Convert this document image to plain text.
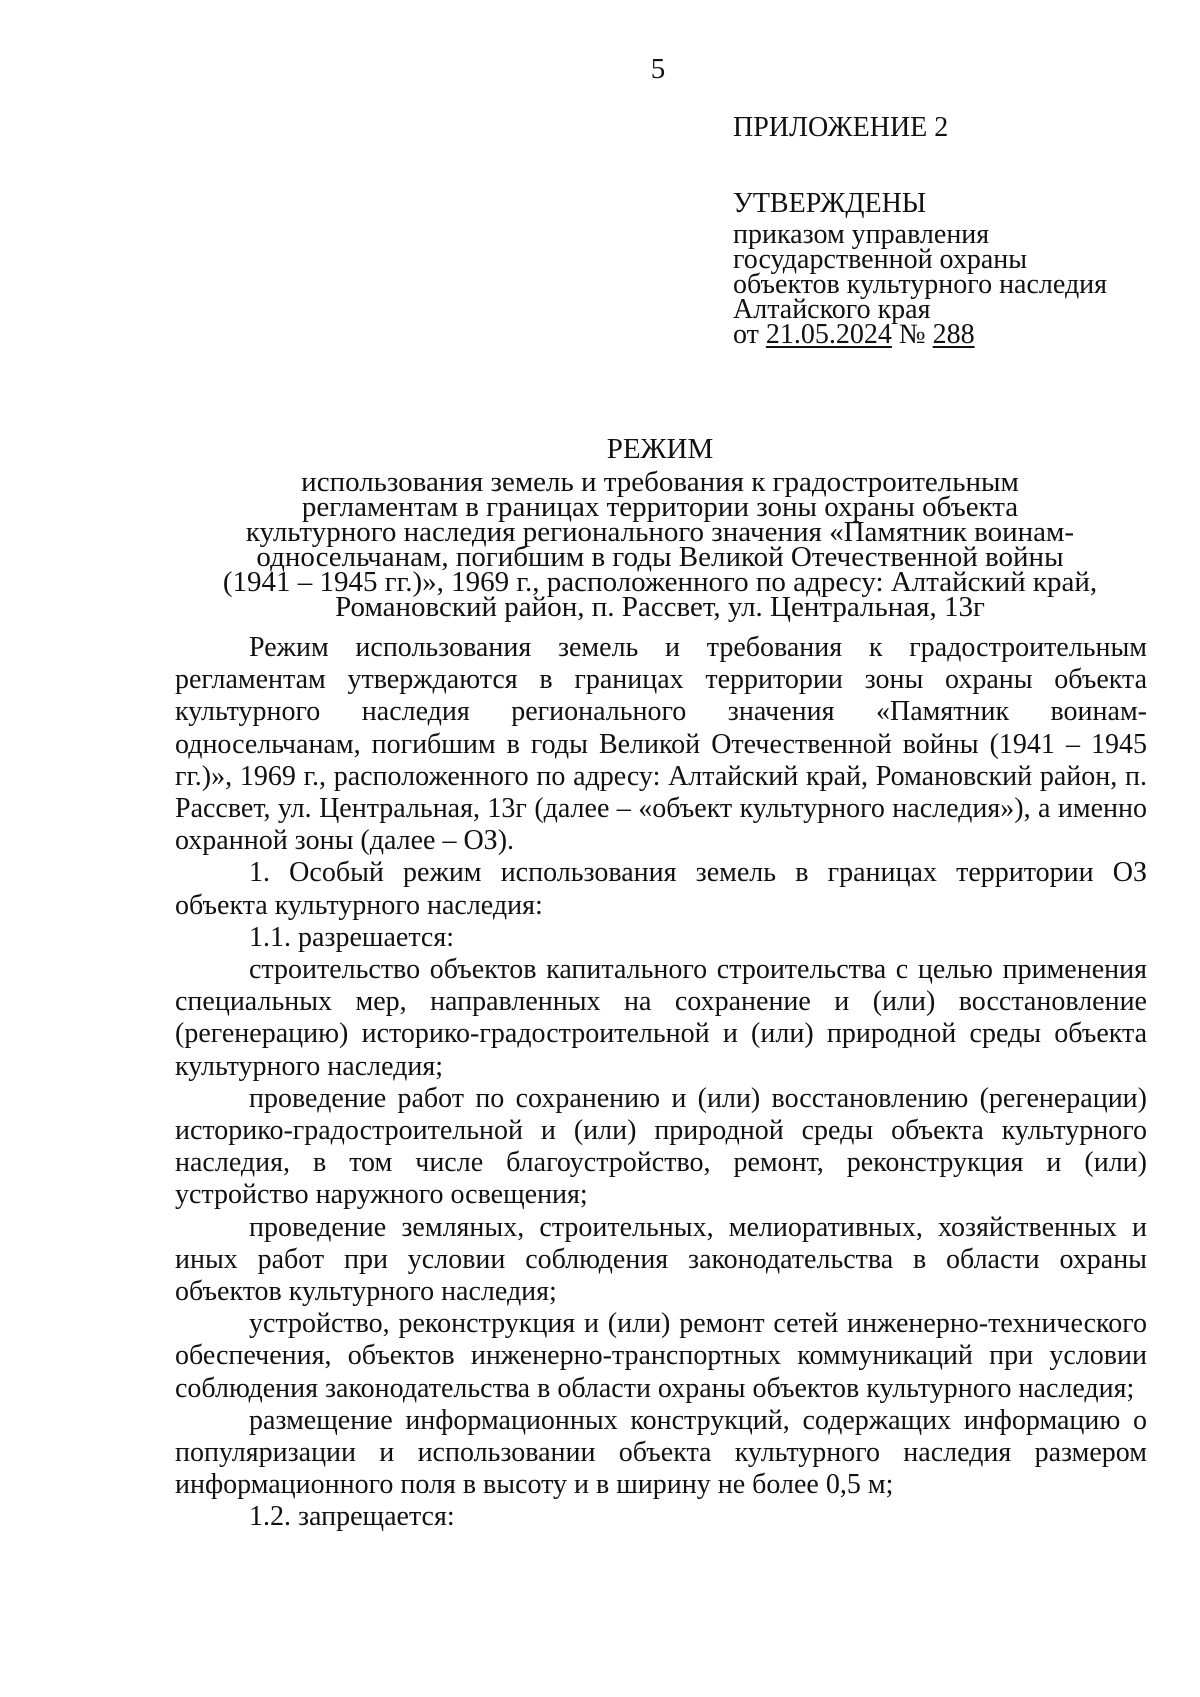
5

ПРИЛОЖЕНИЕ 2

УТВЕРЖДЕНЫ

приказом управления

государственной охраны

объектов культурного наследия

Алтайского края

от 21.05.2024 № 288

РЕЖИМ

использования земель и требования к градостроительным

регламентам в границах территории зоны охраны объекта

культурного наследия регионального значения «Памятник воинам-

односельчанам, погибшим в годы Великой Отечественной войны

(1941 – 1945 гг.)», 1969 г., расположенного по адресу: Алтайский край,

Романовский район, п. Рассвет, ул. Центральная, 13г

Режим использования земель и требования к градостроительным регламентам утверждаются в границах территории зоны охраны объекта культурного наследия регионального значения «Памятник воинам-односельчанам, погибшим в годы Великой Отечественной войны (1941 – 1945 гг.)», 1969 г., расположенного по адресу: Алтайский край, Романовский район, п. Рассвет, ул. Центральная, 13г (далее – «объект культурного наследия»), а именно охранной зоны (далее – ОЗ).

1. Особый режим использования земель в границах территории ОЗ объекта культурного наследия:

1.1. разрешается:

строительство объектов капитального строительства с целью применения специальных мер, направленных на сохранение и (или) восстановление (регенерацию) историко-градостроительной и (или) природной среды объекта культурного наследия;

проведение работ по сохранению и (или) восстановлению (регенерации) историко-градостроительной и (или) природной среды объекта культурного наследия, в том числе благоустройство, ремонт, реконструкция и (или) устройство наружного освещения;

проведение земляных, строительных, мелиоративных, хозяйственных и иных работ при условии соблюдения законодательства в области охраны объектов культурного наследия;

устройство, реконструкция и (или) ремонт сетей инженерно-технического обеспечения, объектов инженерно-транспортных коммуникаций при условии соблюдения законодательства в области охраны объектов культурного наследия;

размещение информационных конструкций, содержащих информацию о популяризации и использовании объекта культурного наследия размером информационного поля в высоту и в ширину не более 0,5 м;

1.2. запрещается:
